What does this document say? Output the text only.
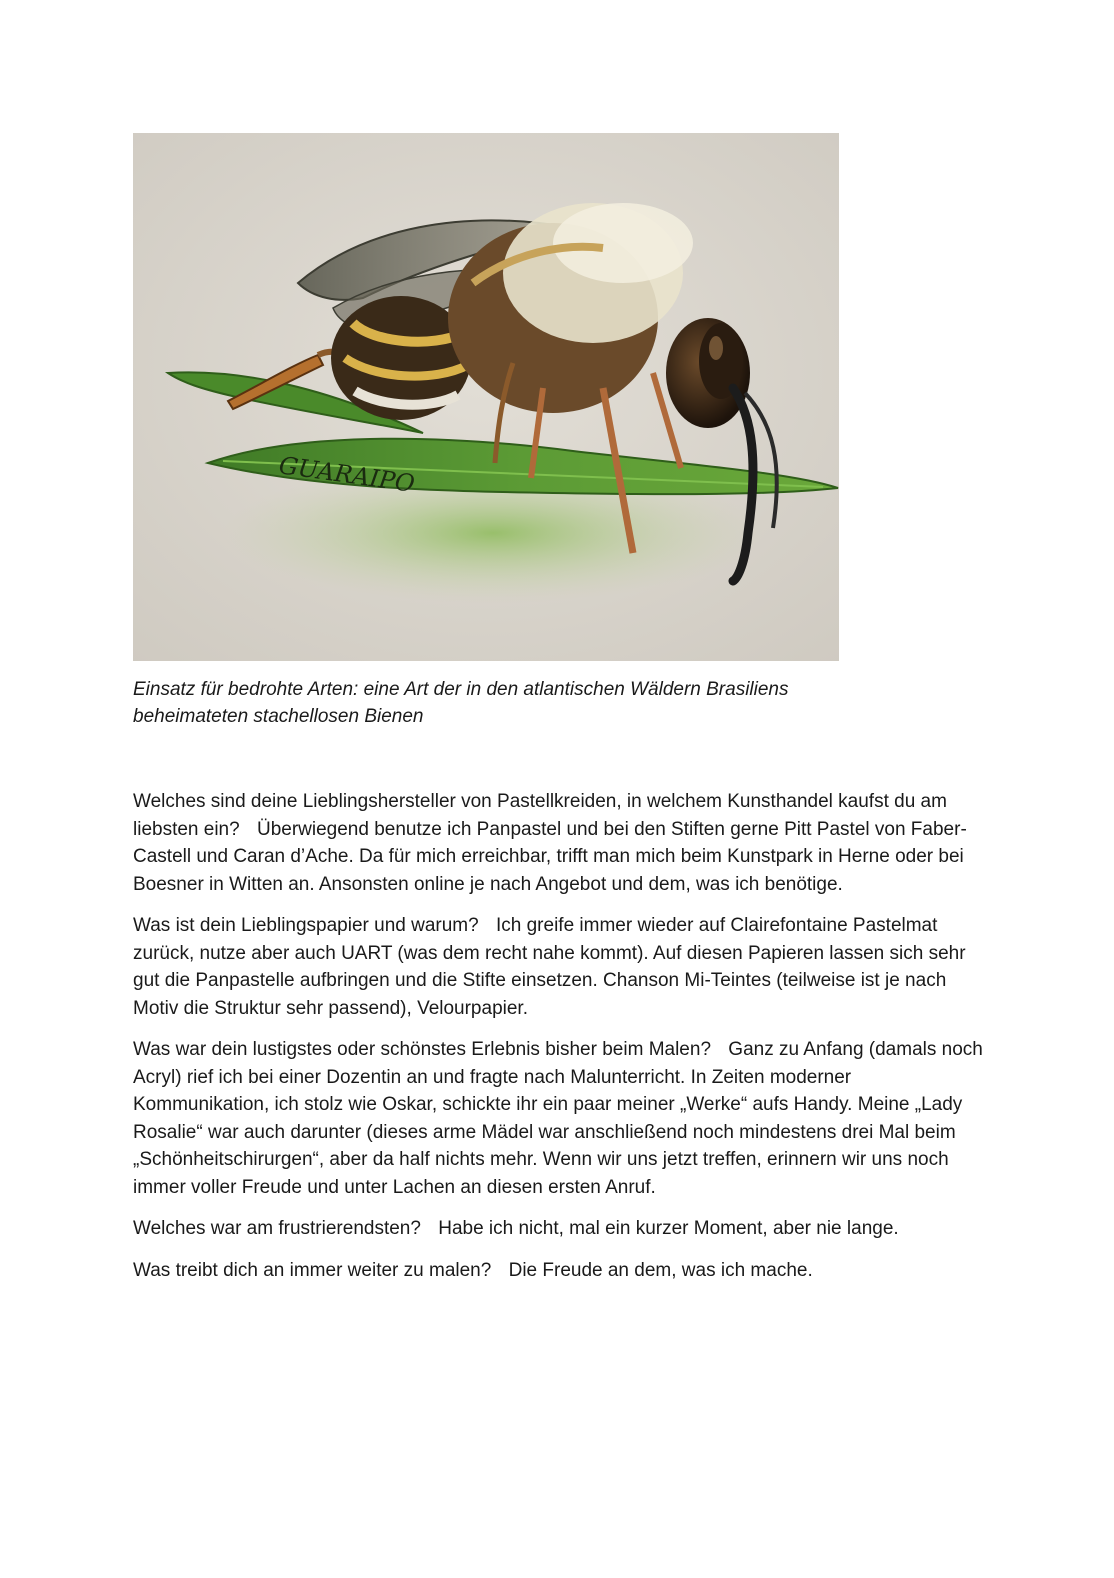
GUARAIPO
Einsatz für bedrohte Arten: eine Art der in den atlantischen Wäldern Brasiliens beheimateten stachellosen Bienen

Welches sind deine Lieblingshersteller von Pastellkreiden, in welchem Kunsthandel kaufst du am liebsten ein? Überwiegend benutze ich Panpastel und bei den Stiften gerne Pitt Pastel von Faber-Castell und Caran d’Ache. Da für mich erreichbar, trifft man mich beim Kunstpark in Herne oder bei Boesner in Witten an. Ansonsten online je nach Angebot und dem, was ich benötige.

Was ist dein Lieblingspapier und warum? Ich greife immer wieder auf Clairefontaine Pastelmat zurück, nutze aber auch UART (was dem recht nahe kommt). Auf diesen Papieren lassen sich sehr gut die Panpastelle aufbringen und die Stifte einsetzen. Chanson Mi-Teintes (teilweise ist je nach Motiv die Struktur sehr passend), Velourpapier.

Was war dein lustigstes oder schönstes Erlebnis bisher beim Malen? Ganz zu Anfang (damals noch Acryl) rief ich bei einer Dozentin an und fragte nach Malunterricht. In Zeiten moderner Kommunikation, ich stolz wie Oskar, schickte ihr ein paar meiner „Werke“ aufs Handy. Meine „Lady Rosalie“ war auch darunter (dieses arme Mädel war anschließend noch mindestens drei Mal beim „Schönheitschirurgen“, aber da half nichts mehr. Wenn wir uns jetzt treffen, erinnern wir uns noch immer voller Freude und unter Lachen an diesen ersten Anruf.

Welches war am frustrierendsten? Habe ich nicht, mal ein kurzer Moment, aber nie lange.

Was treibt dich an immer weiter zu malen? Die Freude an dem, was ich mache.
